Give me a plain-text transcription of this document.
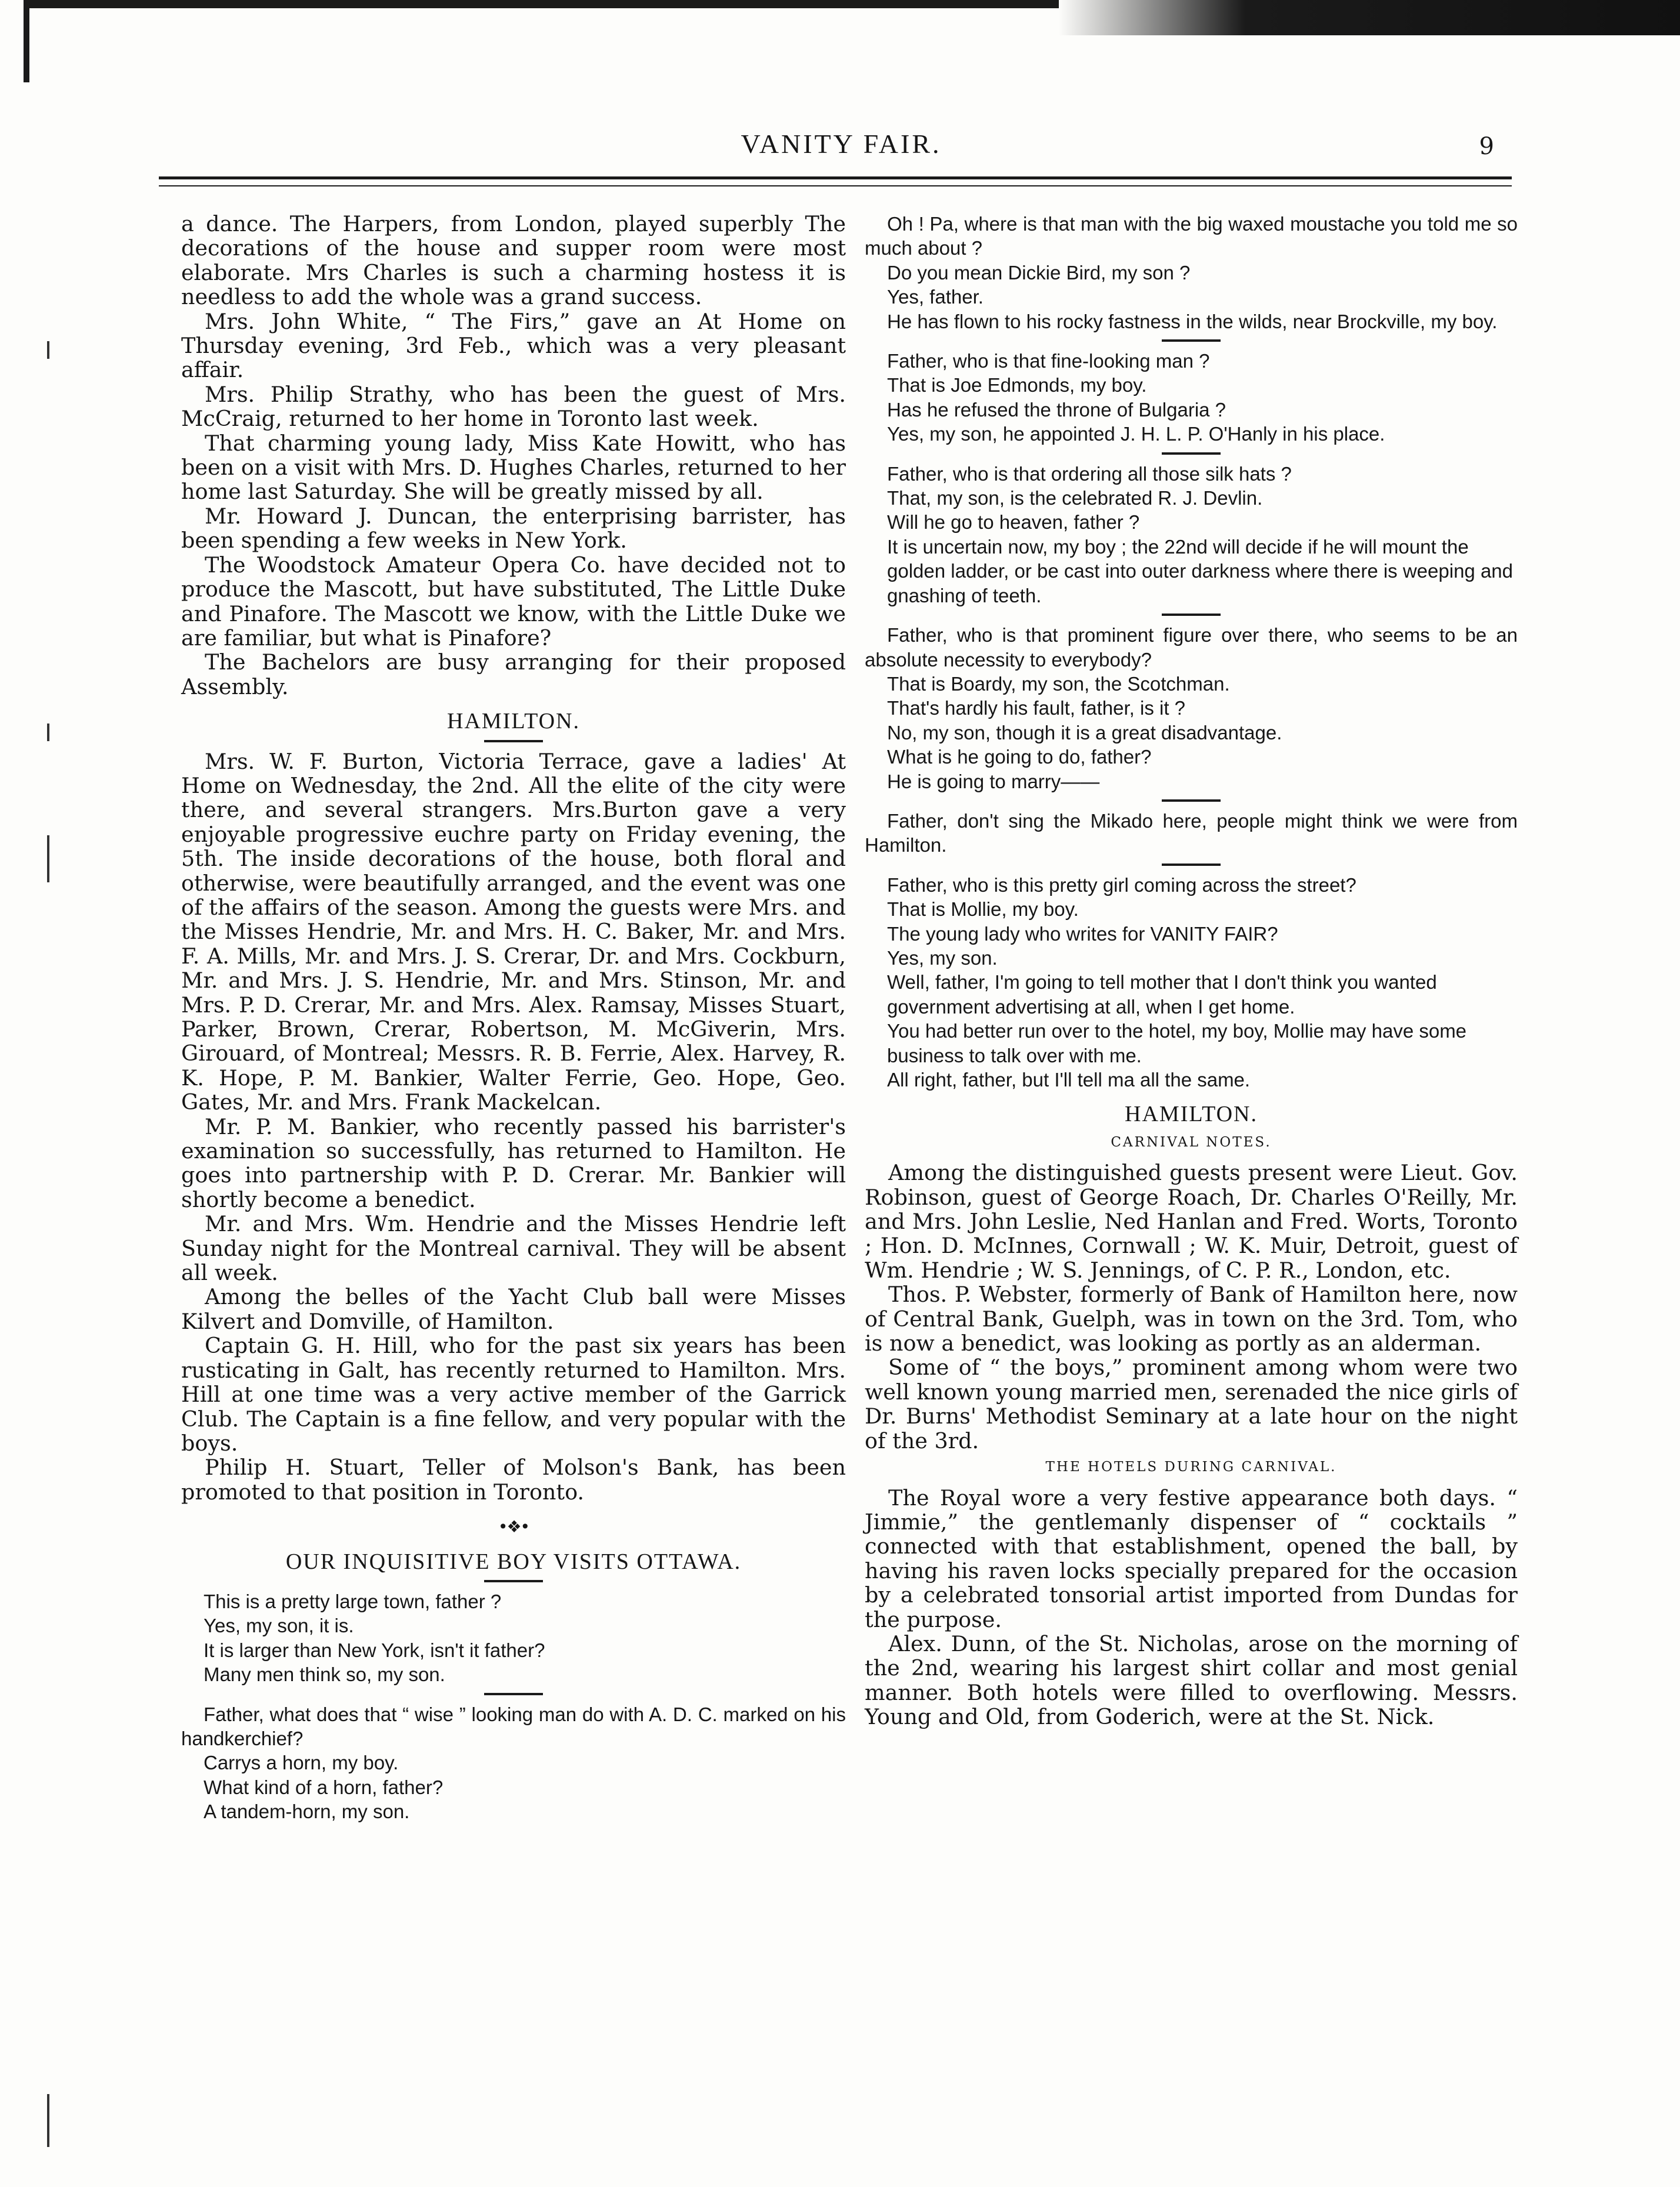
VANITY FAIR.	9

a dance. The Harpers, from London, played superbly The decorations of the house and supper room were most elaborate. Mrs Charles is such a charming hostess it is needless to add the whole was a grand success.

Mrs. John White, “ The Firs,” gave an At Home on Thursday evening, 3rd Feb., which was a very pleasant affair.

Mrs. Philip Strathy, who has been the guest of Mrs. McCraig, returned to her home in Toronto last week.

That charming young lady, Miss Kate Howitt, who has been on a visit with Mrs. D. Hughes Charles, returned to her home last Saturday. She will be greatly missed by all.

Mr. Howard J. Duncan, the enterprising barrister, has been spending a few weeks in New York.

The Woodstock Amateur Opera Co. have decided not to produce the Mascott, but have substituted, The Little Duke and Pinafore. The Mascott we know, with the Little Duke we are familiar, but what is Pinafore?

The Bachelors are busy arranging for their proposed Assembly.

HAMILTON.

Mrs. W. F. Burton, Victoria Terrace, gave a ladies' At Home on Wednesday, the 2nd. All the elite of the city were there, and several strangers. Mrs.Burton gave a very enjoyable progressive euchre party on Friday evening, the 5th. The inside decorations of the house, both floral and otherwise, were beautifully arranged, and the event was one of the affairs of the season. Among the guests were Mrs. and the Misses Hendrie, Mr. and Mrs. H. C. Baker, Mr. and Mrs. F. A. Mills, Mr. and Mrs. J. S. Crerar, Dr. and Mrs. Cockburn, Mr. and Mrs. J. S. Hendrie, Mr. and Mrs. Stinson, Mr. and Mrs. P. D. Crerar, Mr. and Mrs. Alex. Ramsay, Misses Stuart, Parker, Brown, Crerar, Robertson, M. McGiverin, Mrs. Girouard, of Montreal; Messrs. R. B. Ferrie, Alex. Harvey, R. K. Hope, P. M. Bankier, Walter Ferrie, Geo. Hope, Geo. Gates, Mr. and Mrs. Frank Mackelcan.

Mr. P. M. Bankier, who recently passed his barrister's examination so successfully, has returned to Hamilton. He goes into partnership with P. D. Crerar. Mr. Bankier will shortly become a benedict.

Mr. and Mrs. Wm. Hendrie and the Misses Hendrie left Sunday night for the Montreal carnival. They will be absent all week.

Among the belles of the Yacht Club ball were Misses Kilvert and Domville, of Hamilton.

Captain G. H. Hill, who for the past six years has been rusticating in Galt, has recently returned to Hamilton. Mrs. Hill at one time was a very active member of the Garrick Club. The Captain is a fine fellow, and very popular with the boys.

Philip H. Stuart, Teller of Molson's Bank, has been promoted to that position in Toronto.

•❖•
OUR INQUISITIVE BOY VISITS OTTAWA.

This is a pretty large town, father ?

Yes, my son, it is.

It is larger than New York, isn't it father?

Many men think so, my son.

Father, what does that “ wise ” looking man do with A. D. C. marked on his handkerchief?

Carrys a horn, my boy.

What kind of a horn, father?

A tandem-horn, my son.

Oh ! Pa, where is that man with the big waxed moustache you told me so much about ?

Do you mean Dickie Bird, my son ?

Yes, father.

He has flown to his rocky fastness in the wilds, near Brockville, my boy.

Father, who is that fine-looking man ?

That is Joe Edmonds, my boy.

Has he refused the throne of Bulgaria ?

Yes, my son, he appointed J. H. L. P. O'Hanly in his place.

Father, who is that ordering all those silk hats ?

That, my son, is the celebrated R. J. Devlin.

Will he go to heaven, father ?

It is uncertain now, my boy ; the 22nd will decide if he will mount the golden ladder, or be cast into outer darkness where there is weeping and gnashing of teeth.

Father, who is that prominent figure over there, who seems to be an absolute necessity to everybody?

That is Boardy, my son, the Scotchman.

That's hardly his fault, father, is it ?

No, my son, though it is a great disadvantage.

What is he going to do, father?

He is going to marry——

Father, don't sing the Mikado here, people might think we were from Hamilton.

Father, who is this pretty girl coming across the street?

That is Mollie, my boy.

The young lady who writes for VANITY FAIR?

Yes, my son.

Well, father, I'm going to tell mother that I don't think you wanted government advertising at all, when I get home.

You had better run over to the hotel, my boy, Mollie may have some business to talk over with me.

All right, father, but I'll tell ma all the same.

HAMILTON.
CARNIVAL NOTES.

Among the distinguished guests present were Lieut. Gov. Robinson, guest of George Roach, Dr. Charles O'Reilly, Mr. and Mrs. John Leslie, Ned Hanlan and Fred. Worts, Toronto ; Hon. D. McInnes, Cornwall ; W. K. Muir, Detroit, guest of Wm. Hendrie ; W. S. Jennings, of C. P. R., London, etc.

Thos. P. Webster, formerly of Bank of Hamilton here, now of Central Bank, Guelph, was in town on the 3rd. Tom, who is now a benedict, was looking as portly as an alderman.

Some of “ the boys,” prominent among whom were two well known young married men, serenaded the nice girls of Dr. Burns' Methodist Seminary at a late hour on the night of the 3rd.

THE HOTELS DURING CARNIVAL.

The Royal wore a very festive appearance both days. “ Jimmie,” the gentlemanly dispenser of “ cocktails ” connected with that establishment, opened the ball, by having his raven locks specially prepared for the occasion by a celebrated tonsorial artist imported from Dundas for the purpose.

Alex. Dunn, of the St. Nicholas, arose on the morning of the 2nd, wearing his largest shirt collar and most genial manner. Both hotels were filled to overflowing. Messrs. Young and Old, from Goderich, were at the St. Nick.
